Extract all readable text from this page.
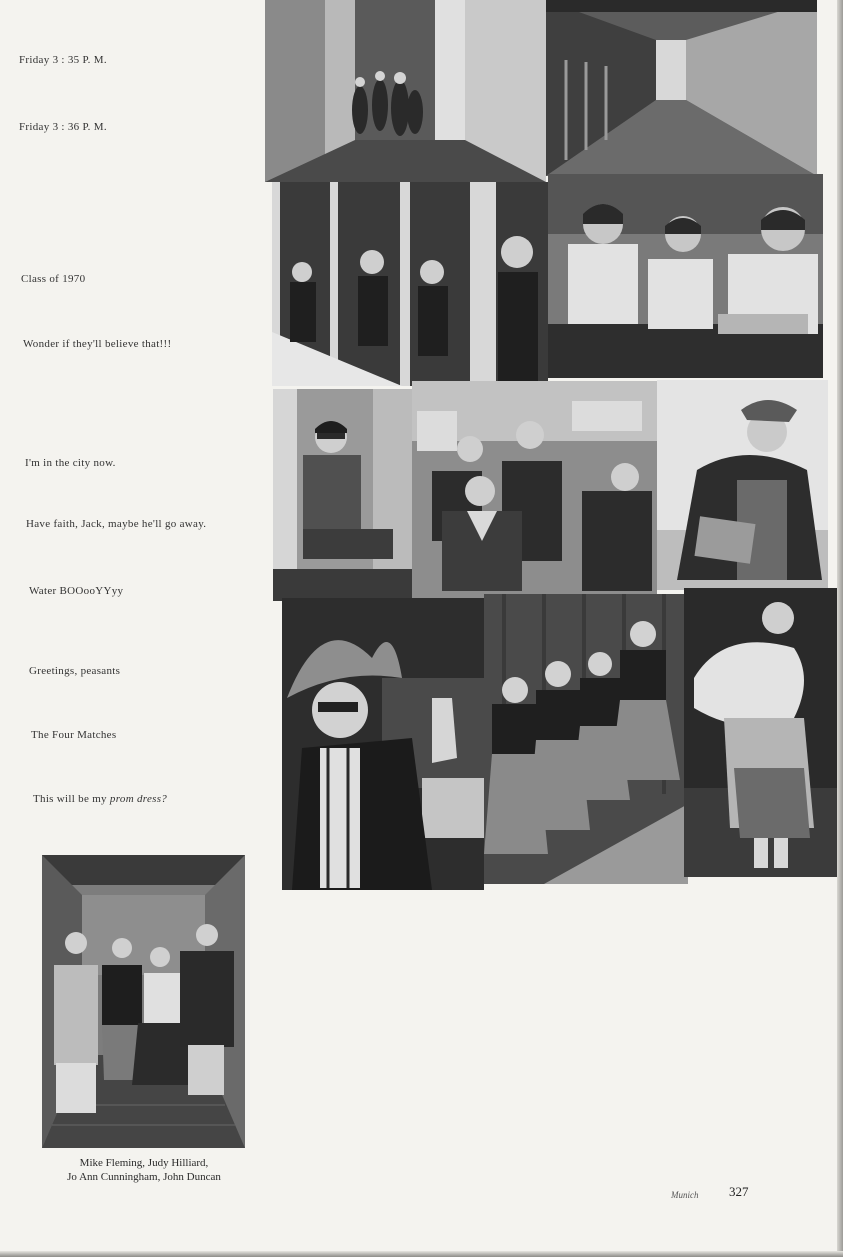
Friday 3 : 35 P. M.
Friday 3 : 36 P. M.
Class of 1970
Wonder if they'll believe that!!!
I'm in the city now.
Have faith, Jack, maybe he'll go away.
Water BOOooYYyy
Greetings, peasants
The Four Matches
This will be my prom dress?
Mike Fleming, Judy Hilliard,
Jo Ann Cunningham, John Duncan
Munich 327
